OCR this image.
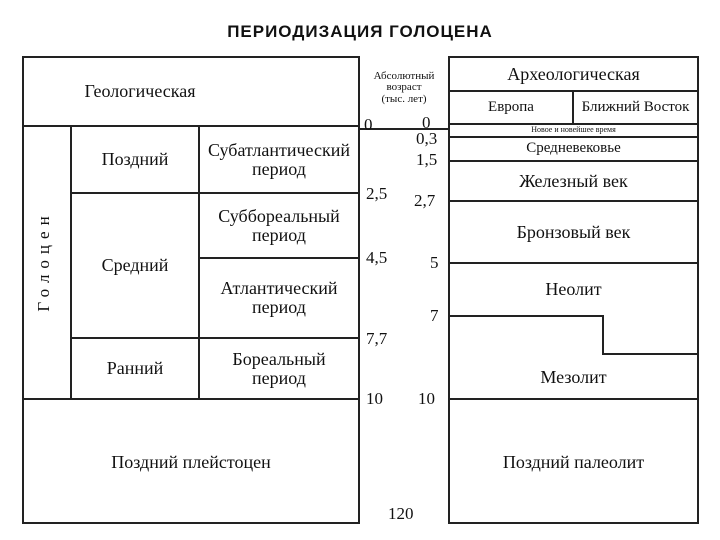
ПЕРИОДИЗАЦИЯ ГОЛОЦЕНА
Геологическая
Голоцен
Поздний
Средний
Ранний
Субатлантический
период
Суббореальный
период
Атлантический
период
Бореальный
период
Поздний плейстоцен
Абсолютный
возраст
(тыс. лет)
0
2,5
4,5
7,7
10
120
0
0,3
1,5
2,7
5
7
10
Археологическая
Европа	Ближний Восток
Новое и новейшее время
Средневековье
Железный век
Бронзовый век
Неолит
Мезолит
Поздний палеолит
